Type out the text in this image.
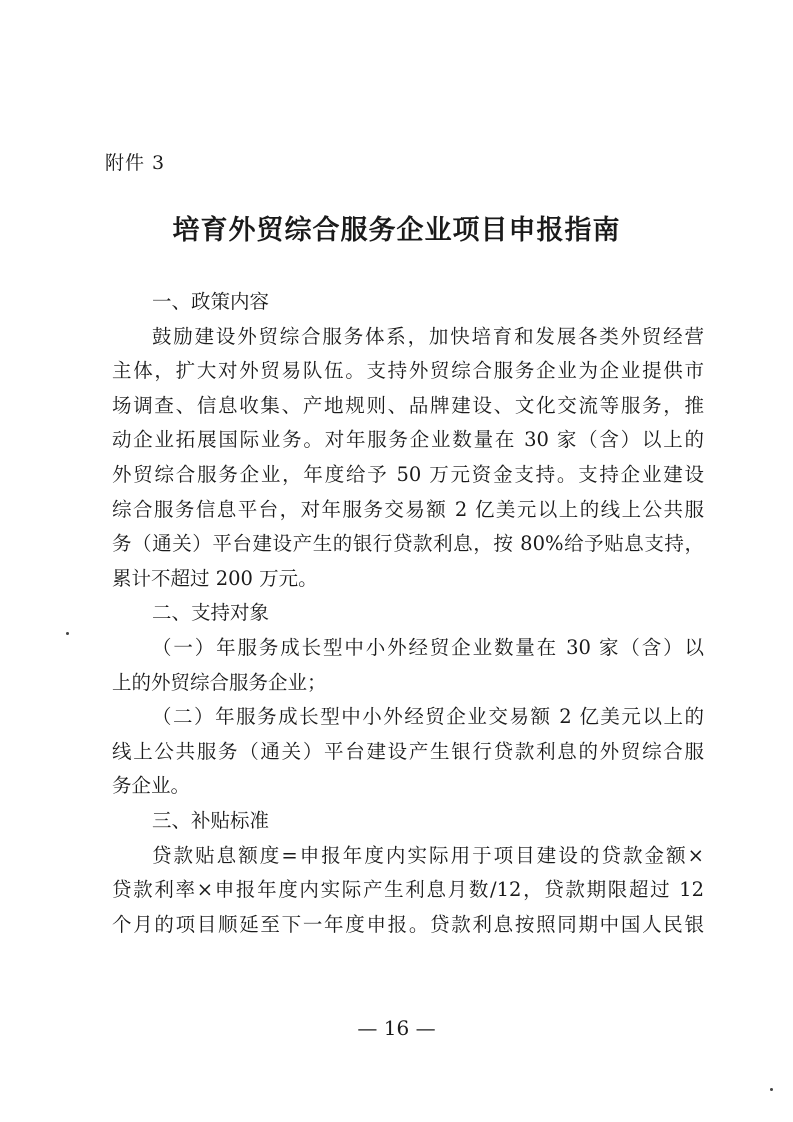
附件 3
培育外贸综合服务企业项目申报指南
一、政策内容
鼓励建设外贸综合服务体系，加快培育和发展各类外贸经营
主体，扩大对外贸易队伍。支持外贸综合服务企业为企业提供市
场调查、信息收集、产地规则、品牌建设、文化交流等服务，推
动企业拓展国际业务。对年服务企业数量在 30 家（含）以上的
外贸综合服务企业，年度给予 50 万元资金支持。支持企业建设
综合服务信息平台，对年服务交易额 2 亿美元以上的线上公共服
务（通关）平台建设产生的银行贷款利息，按 80%给予贴息支持，
累计不超过 200 万元。
二、支持对象
（一）年服务成长型中小外经贸企业数量在 30 家（含）以
上的外贸综合服务企业；
（二）年服务成长型中小外经贸企业交易额 2 亿美元以上的
线上公共服务（通关）平台建设产生银行贷款利息的外贸综合服
务企业。
三、补贴标准
贷款贴息额度=申报年度内实际用于项目建设的贷款金额×
贷款利率×申报年度内实际产生利息月数/12，贷款期限超过 12
个月的项目顺延至下一年度申报。贷款利息按照同期中国人民银
— 16 —
